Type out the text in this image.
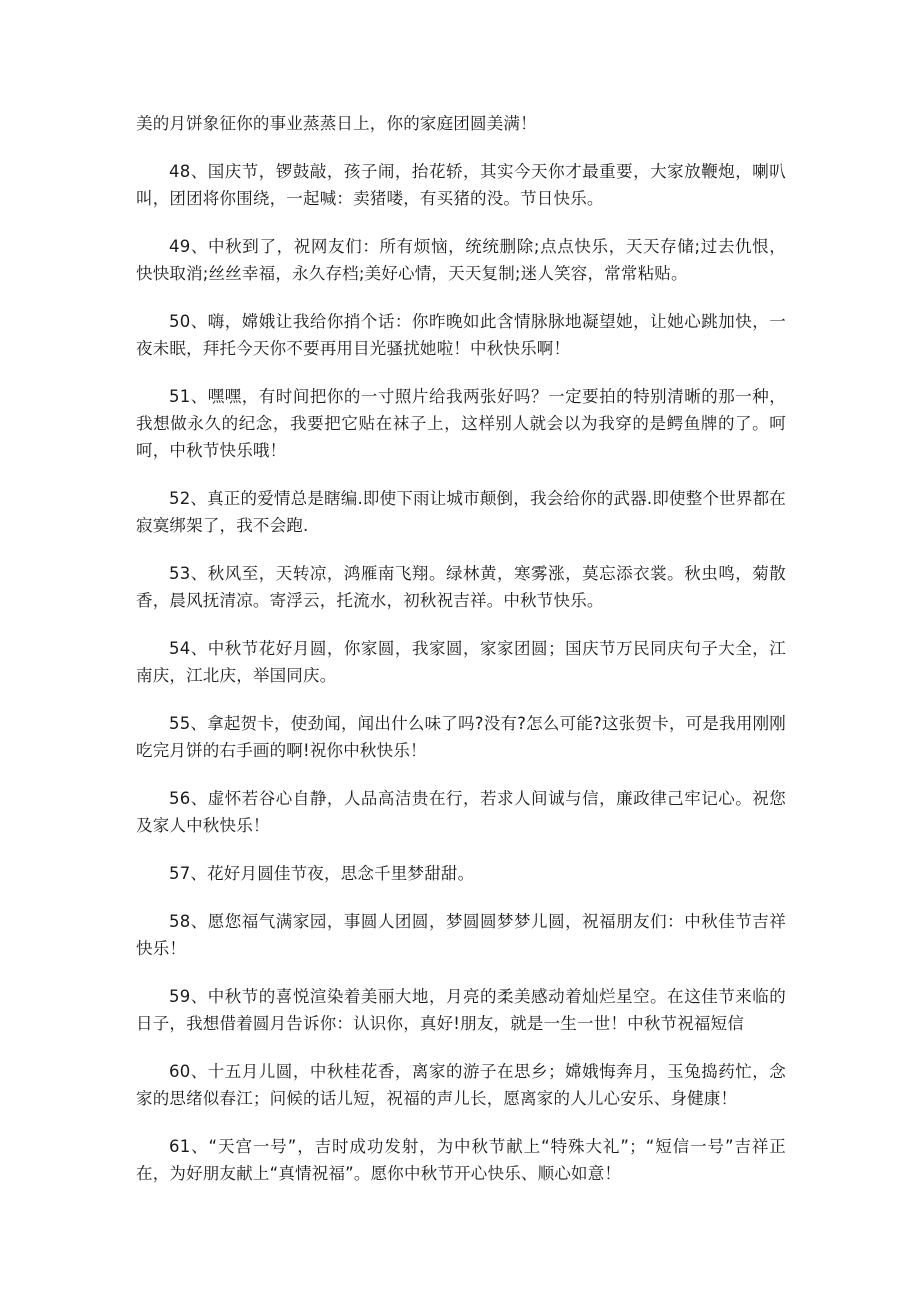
美的月饼象征你的事业蒸蒸日上，你的家庭团圆美满！

48、国庆节，锣鼓敲，孩子闹，抬花轿，其实今天你才最重要，大家放鞭炮，喇叭叫，团团将你围绕，一起喊：卖猪喽，有买猪的没。节日快乐。

49、中秋到了，祝网友们：所有烦恼，统统删除;点点快乐，天天存储;过去仇恨，快快取消;丝丝幸福，永久存档;美好心情，天天复制;迷人笑容，常常粘贴。

50、嗨，嫦娥让我给你捎个话：你昨晚如此含情脉脉地凝望她，让她心跳加快，一夜未眠，拜托今天你不要再用目光骚扰她啦！中秋快乐啊！

51、嘿嘿，有时间把你的一寸照片给我两张好吗？一定要拍的特别清晰的那一种，我想做永久的纪念，我要把它贴在袜子上，这样别人就会以为我穿的是鳄鱼牌的了。呵呵，中秋节快乐哦！

52、真正的爱情总是瞎编.即使下雨让城市颠倒，我会给你的武器.即使整个世界都在寂寞绑架了，我不会跑.

53、秋风至，天转凉，鸿雁南飞翔。绿林黄，寒雾涨，莫忘添衣裳。秋虫鸣，菊散香，晨风抚清凉。寄浮云，托流水，初秋祝吉祥。中秋节快乐。

54、中秋节花好月圆，你家圆，我家圆，家家团圆；国庆节万民同庆句子大全，江南庆，江北庆，举国同庆。

55、拿起贺卡，使劲闻，闻出什么味了吗?没有?怎么可能?这张贺卡，可是我用刚刚吃完月饼的右手画的啊!祝你中秋快乐！

56、虚怀若谷心自静，人品高洁贵在行，若求人间诚与信，廉政律己牢记心。祝您及家人中秋快乐！

57、花好月圆佳节夜，思念千里梦甜甜。

58、愿您福气满家园，事圆人团圆，梦圆圆梦梦儿圆，祝福朋友们：中秋佳节吉祥快乐！

59、中秋节的喜悦渲染着美丽大地，月亮的柔美感动着灿烂星空。在这佳节来临的日子，我想借着圆月告诉你：认识你，真好!朋友，就是一生一世！中秋节祝福短信

60、十五月儿圆，中秋桂花香，离家的游子在思乡；嫦娥悔奔月，玉兔捣药忙，念家的思绪似春江；问候的话儿短，祝福的声儿长，愿离家的人儿心安乐、身健康！

61、“天宫一号”，吉时成功发射，为中秋节献上“特殊大礼”；“短信一号”吉祥正在，为好朋友献上“真情祝福”。愿你中秋节开心快乐、顺心如意！
